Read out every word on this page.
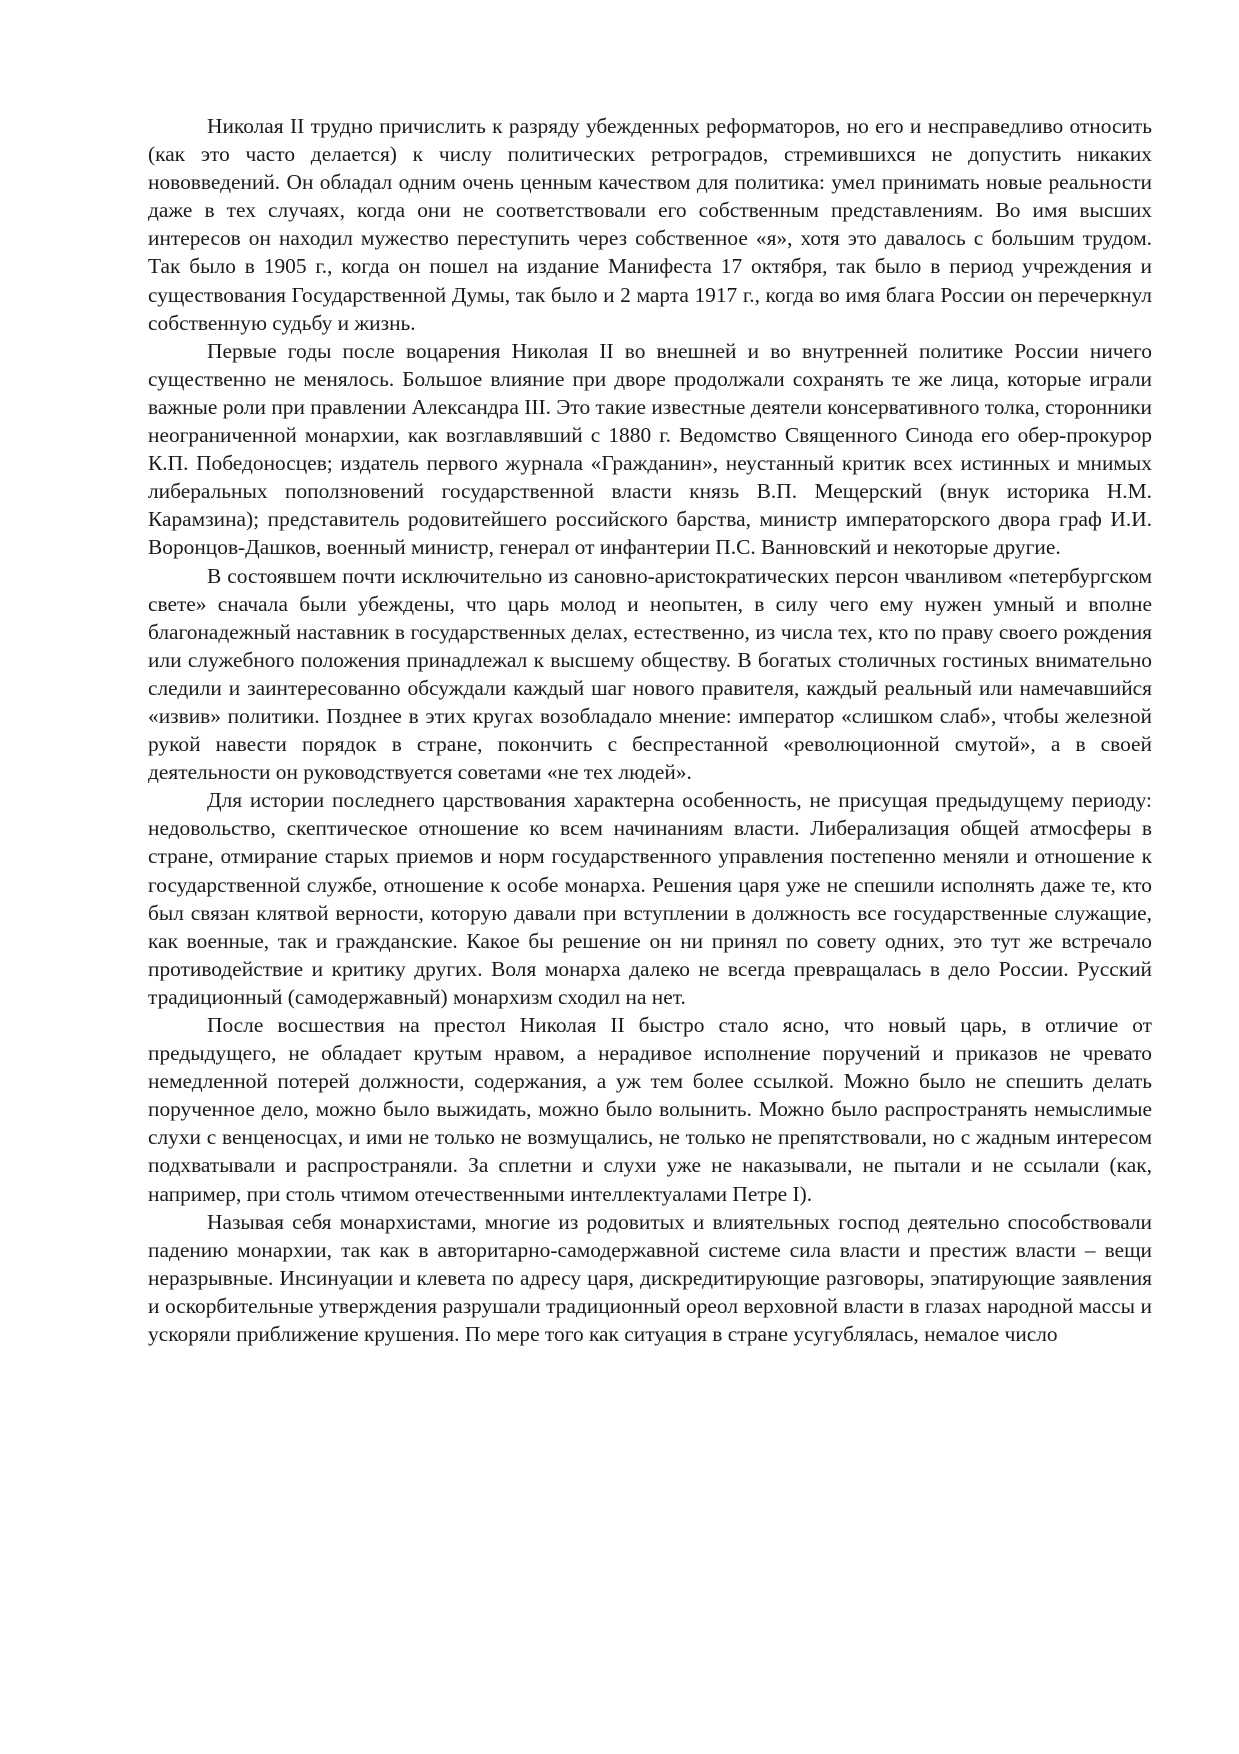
Николая II трудно причислить к разряду убежденных реформаторов, но его и несправедливо относить (как это часто делается) к числу политических ретроградов, стремившихся не допустить никаких нововведений. Он обладал одним очень ценным качеством для политика: умел принимать новые реальности даже в тех случаях, когда они не соответствовали его собственным представлениям. Во имя высших интересов он находил мужество переступить через собственное «я», хотя это давалось с большим трудом. Так было в 1905 г., когда он пошел на издание Манифеста 17 октября, так было в период учреждения и существования Государственной Думы, так было и 2 марта 1917 г., когда во имя блага России он перечеркнул собственную судьбу и жизнь.

Первые годы после воцарения Николая II во внешней и во внутренней политике России ничего существенно не менялось. Большое влияние при дворе продолжали сохранять те же лица, которые играли важные роли при правлении Александра III. Это такие известные деятели консервативного толка, сторонники неограниченной монархии, как возглавлявший с 1880 г. Ведомство Священного Синода его обер-прокурор К.П. Победоносцев; издатель первого журнала «Гражданин», неустанный критик всех истинных и мнимых либеральных поползновений государственной власти князь В.П. Мещерский (внук историка Н.М. Карамзина); представитель родовитейшего российского барства, министр императорского двора граф И.И. Воронцов-Дашков, военный министр, генерал от инфантерии П.С. Ванновский и некоторые другие.

В состоявшем почти исключительно из сановно-аристократических персон чванливом «петербургском свете» сначала были убеждены, что царь молод и неопытен, в силу чего ему нужен умный и вполне благонадежный наставник в государственных делах, естественно, из числа тех, кто по праву своего рождения или служебного положения принадлежал к высшему обществу. В богатых столичных гостиных внимательно следили и заинтересованно обсуждали каждый шаг нового правителя, каждый реальный или намечавшийся «извив» политики. Позднее в этих кругах возобладало мнение: император «слишком слаб», чтобы железной рукой навести порядок в стране, покончить с беспрестанной «революционной смутой», а в своей деятельности он руководствуется советами «не тех людей».

Для истории последнего царствования характерна особенность, не присущая предыдущему периоду: недовольство, скептическое отношение ко всем начинаниям власти. Либерализация общей атмосферы в стране, отмирание старых приемов и норм государственного управления постепенно меняли и отношение к государственной службе, отношение к особе монарха. Решения царя уже не спешили исполнять даже те, кто был связан клятвой верности, которую давали при вступлении в должность все государственные служащие, как военные, так и гражданские. Какое бы решение он ни принял по совету одних, это тут же встречало противодействие и критику других. Воля монарха далеко не всегда превращалась в дело России. Русский традиционный (самодержавный) монархизм сходил на нет.

После восшествия на престол Николая II быстро стало ясно, что новый царь, в отличие от предыдущего, не обладает крутым нравом, а нерадивое исполнение поручений и приказов не чревато немедленной потерей должности, содержания, а уж тем более ссылкой. Можно было не спешить делать порученное дело, можно было выжидать, можно было волынить. Можно было распространять немыслимые слухи с венценосцах, и ими не только не возмущались, не только не препятствовали, но с жадным интересом подхватывали и распространяли. За сплетни и слухи уже не наказывали, не пытали и не ссылали (как, например, при столь чтимом отечественными интеллектуалами Петре I).

Называя себя монархистами, многие из родовитых и влиятельных господ деятельно способствовали падению монархии, так как в авторитарно-самодержавной системе сила власти и престиж власти – вещи неразрывные. Инсинуации и клевета по адресу царя, дискредитирующие разговоры, эпатирующие заявления и оскорбительные утверждения разрушали традиционный ореол верховной власти в глазах народной массы и ускоряли приближение крушения. По мере того как ситуация в стране усугублялась, немалое число
